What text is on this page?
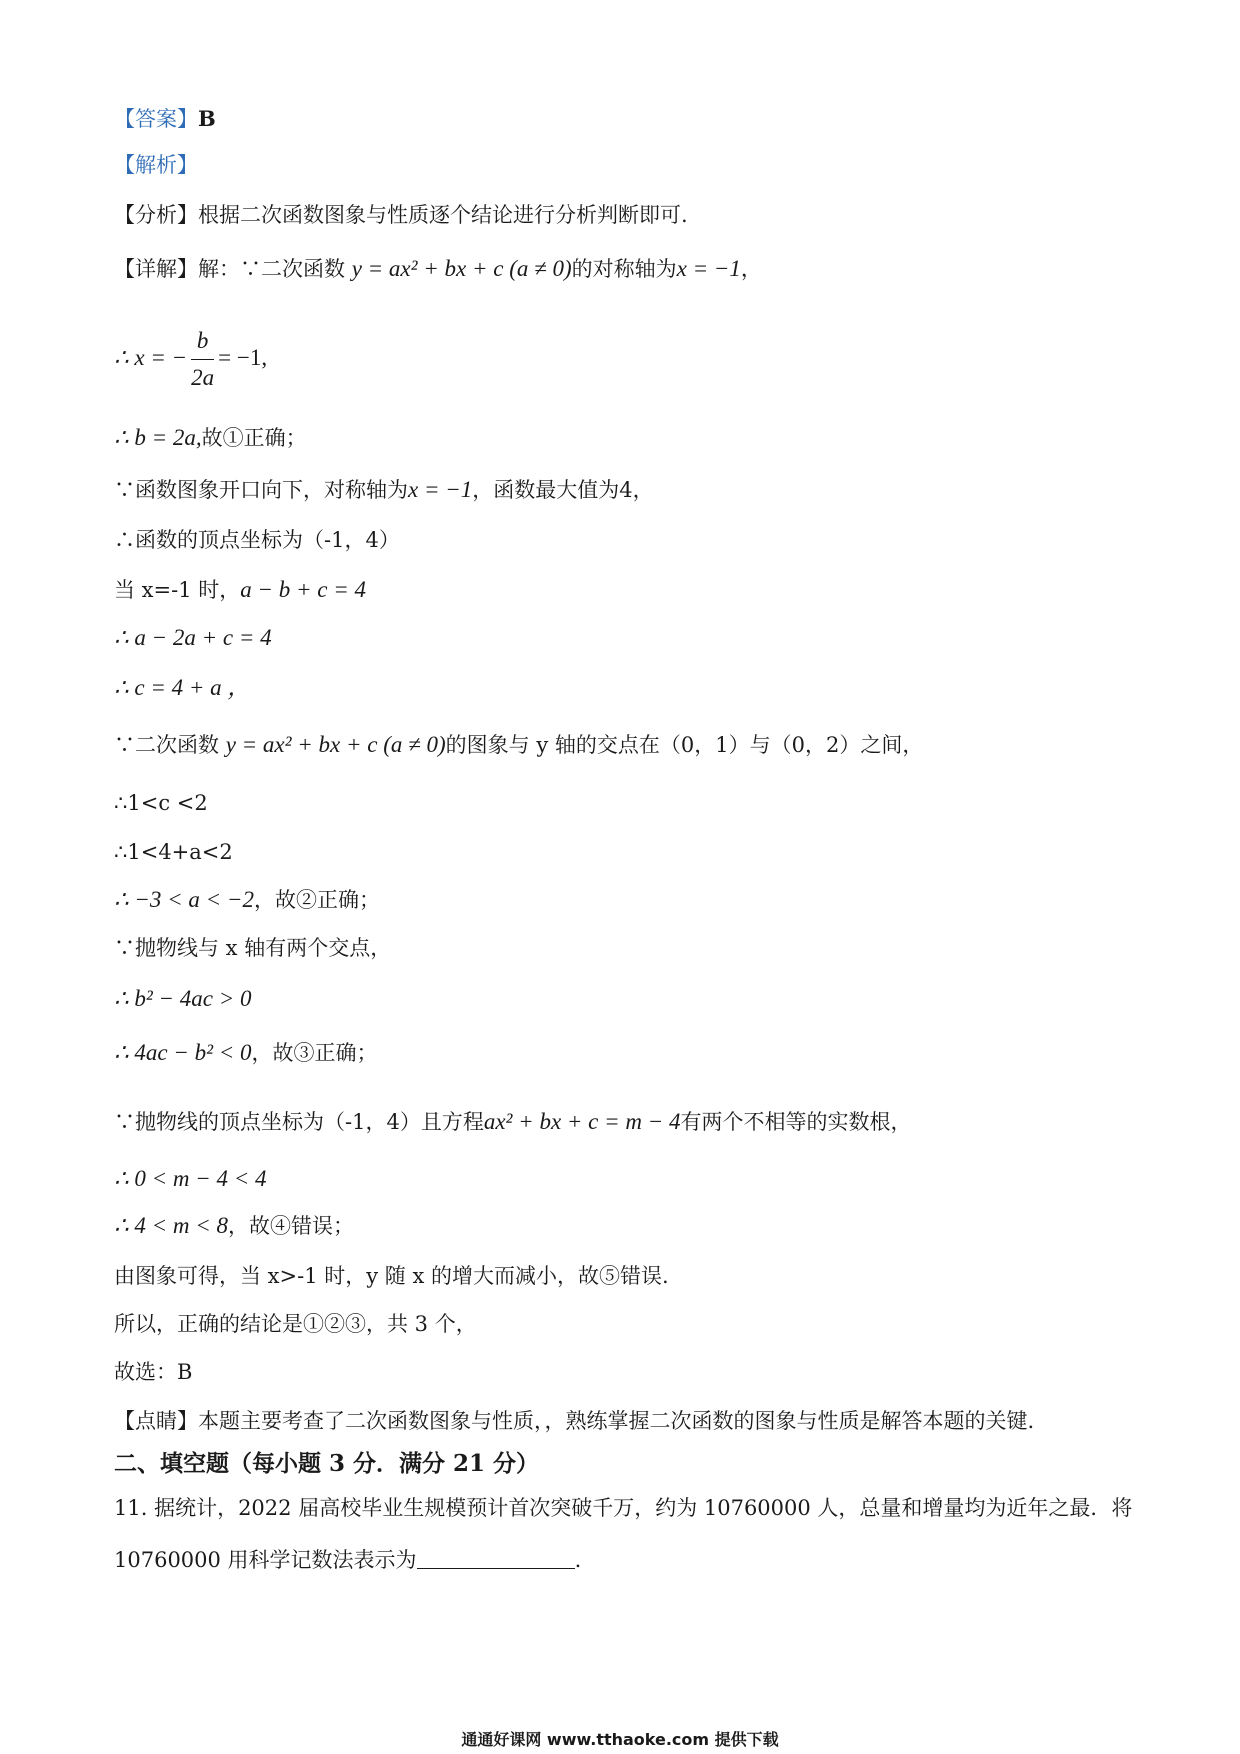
【答案】B
【解析】
【分析】根据二次函数图象与性质逐个结论进行分析判断即可.
【详解】解：∵二次函数 y = ax² + bx + c (a ≠ 0)的对称轴为x = −1，
∴ x = − $\frac{b}{2a} = -1$,
∴ b = 2a,故①正确；
∵函数图象开口向下，对称轴为x = −1，函数最大值为4，
∴函数的顶点坐标为（-1，4）
当 x=-1 时，a − b + c = 4
∴ a − 2a + c = 4
∴ c = 4 + a ，
∵二次函数 y = ax² + bx + c (a ≠ 0)的图象与 y 轴的交点在（0，1）与（0，2）之间，
∴1<c <2
∴1<4+a<2
∴ −3 < a < −2，故②正确；
∵抛物线与 x 轴有两个交点，
∴ b² − 4ac > 0
∴ 4ac − b² < 0，故③正确；
∵抛物线的顶点坐标为（-1，4）且方程ax² + bx + c = m − 4有两个不相等的实数根，
∴ 0 < m − 4 < 4
∴ 4 < m < 8，故④错误；
由图象可得，当 x>-1 时，y 随 x 的增大而减小，故⑤错误.
所以，正确的结论是①②③，共 3 个，
故选：B
【点睛】本题主要考查了二次函数图象与性质，，熟练掌握二次函数的图象与性质是解答本题的关键.
二、填空题（每小题 3 分．满分 21 分）
11. 据统计，2022 届高校毕业生规模预计首次突破千万，约为 10760000 人，总量和增量均为近年之最．将
10760000 用科学记数法表示为	.
通通好课网 www.tthaoke.com 提供下载
